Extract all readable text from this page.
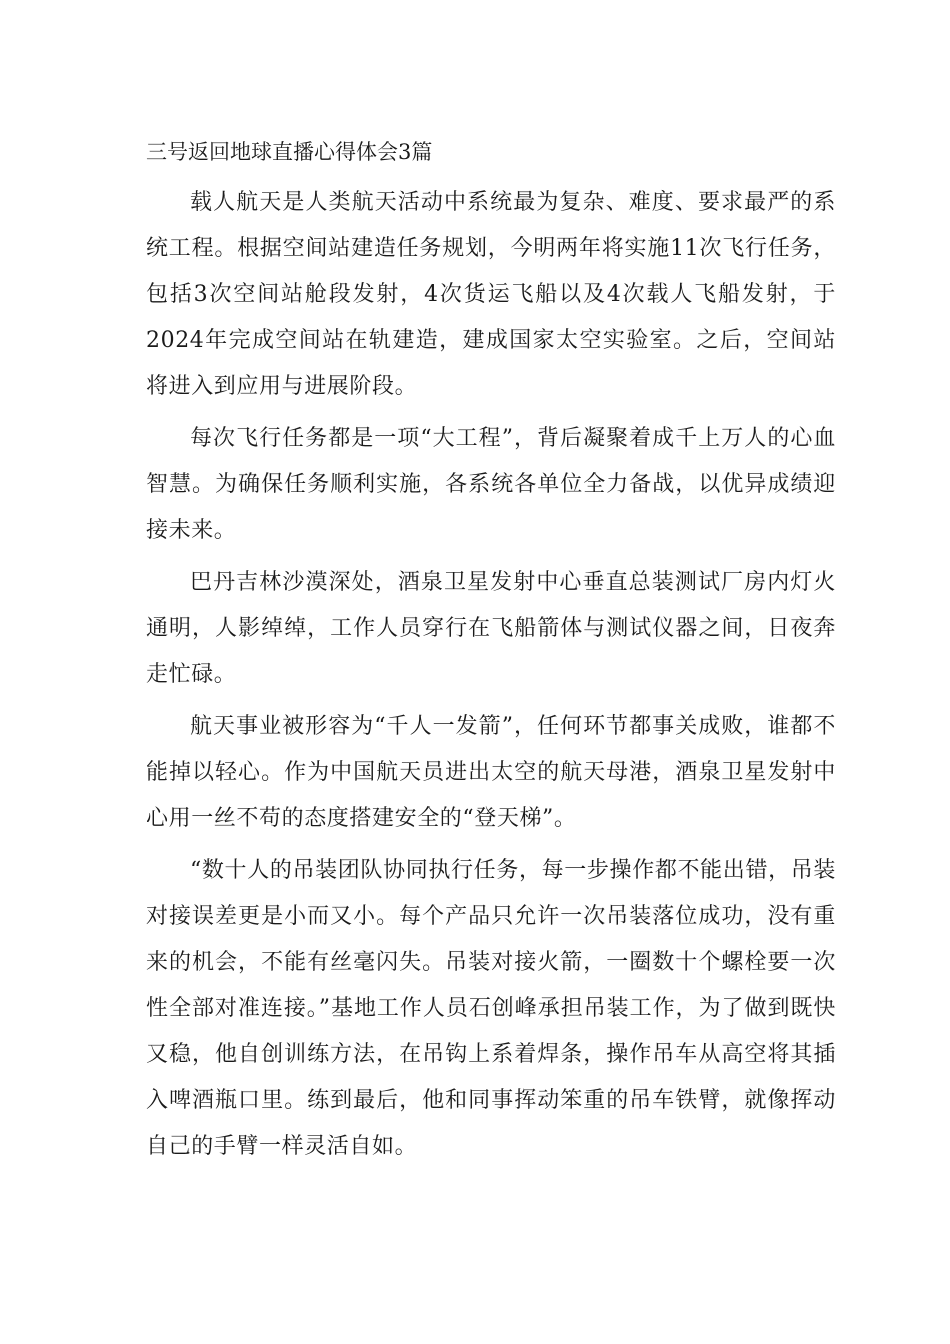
三号返回地球直播心得体会3篇

载人航天是人类航天活动中系统最为复杂、难度、要求最严的系统工程。根据空间站建造任务规划，今明两年将实施11次飞行任务，包括3次空间站舱段发射，4次货运飞船以及4次载人飞船发射，于2024年完成空间站在轨建造，建成国家太空实验室。之后，空间站将进入到应用与进展阶段。

每次飞行任务都是一项“大工程”，背后凝聚着成千上万人的心血智慧。为确保任务顺利实施，各系统各单位全力备战，以优异成绩迎接未来。

巴丹吉林沙漠深处，酒泉卫星发射中心垂直总装测试厂房内灯火通明，人影绰绰，工作人员穿行在飞船箭体与测试仪器之间，日夜奔走忙碌。

航天事业被形容为“千人一发箭”，任何环节都事关成败，谁都不能掉以轻心。作为中国航天员进出太空的航天母港，酒泉卫星发射中心用一丝不苟的态度搭建安全的“登天梯”。

“数十人的吊装团队协同执行任务，每一步操作都不能出错，吊装对接误差更是小而又小。每个产品只允许一次吊装落位成功，没有重来的机会，不能有丝毫闪失。吊装对接火箭，一圈数十个螺栓要一次性全部对准连接。”基地工作人员石创峰承担吊装工作，为了做到既快又稳，他自创训练方法，在吊钩上系着焊条，操作吊车从高空将其插入啤酒瓶口里。练到最后，他和同事挥动笨重的吊车铁臂，就像挥动自己的手臂一样灵活自如。
